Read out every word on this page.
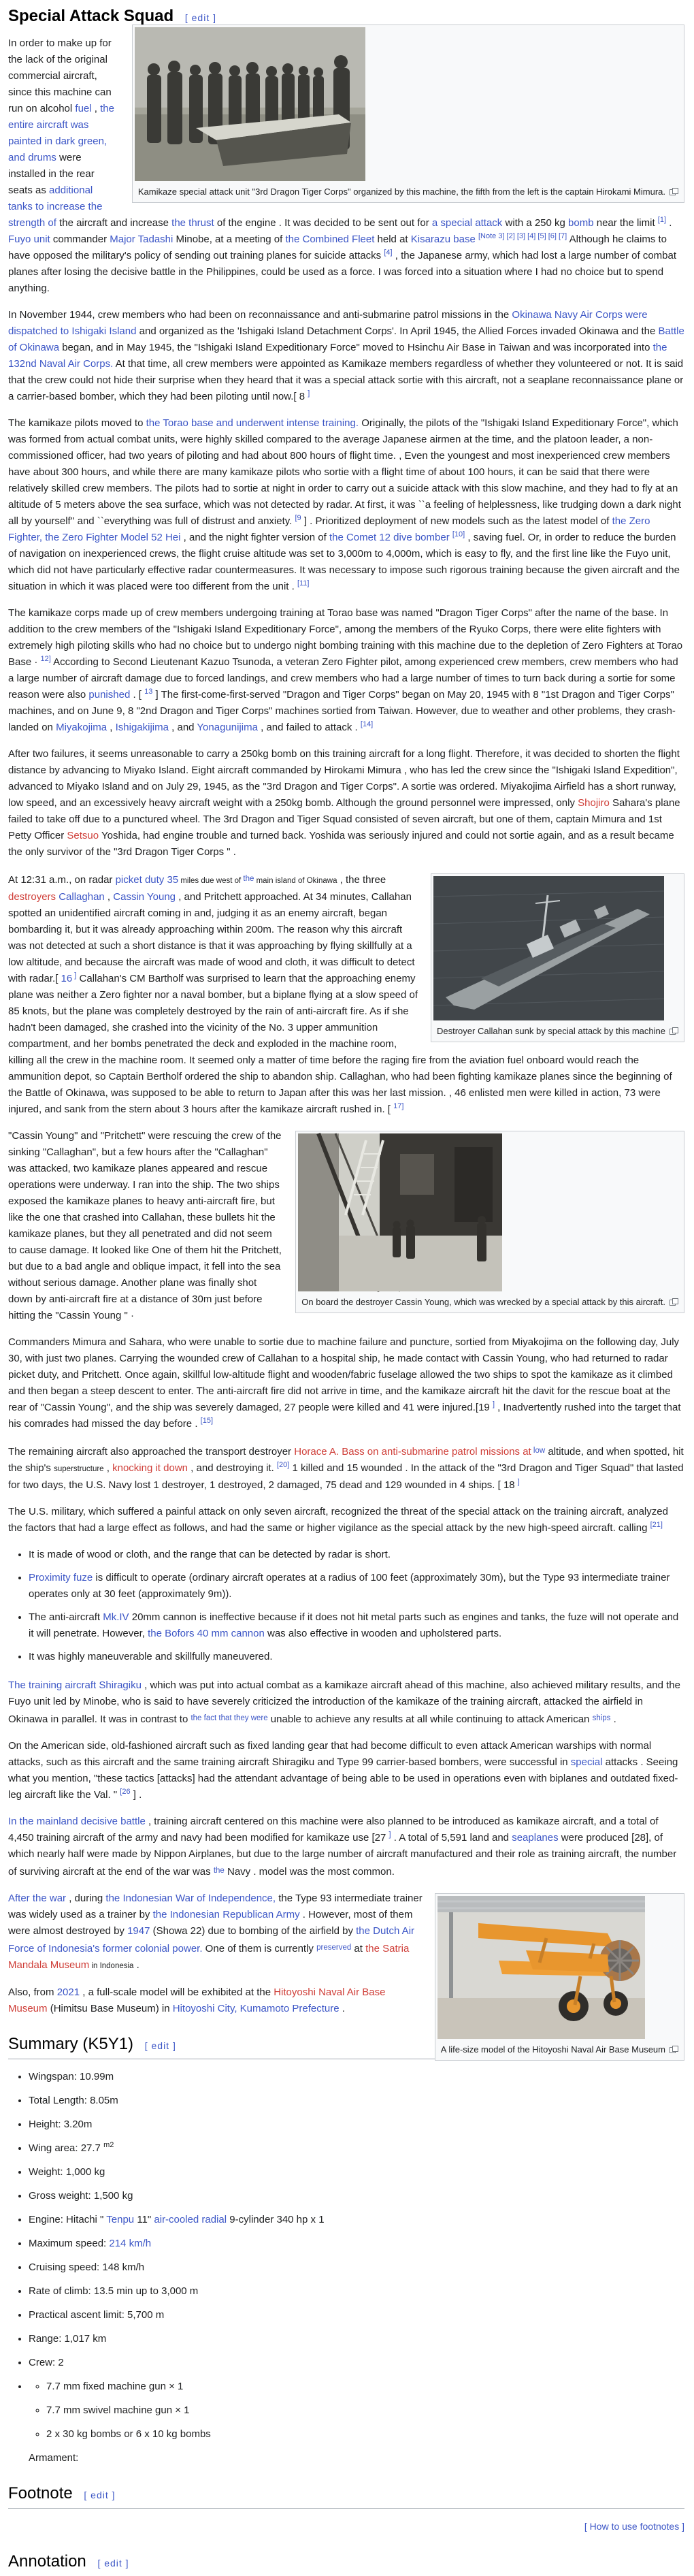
Special Attack Squad [ edit ]
Kamikaze special attack unit "3rd Dragon Tiger Corps" organized by this machine, the fifth from the left is the captain Hirokami Mimura.

In order to make up for the lack of the original commercial aircraft, since this machine can run on alcohol fuel , the entire aircraft was painted in dark green, and drums were installed in the rear seats as additional tanks to increase the strength of the aircraft and increase the thrust of the engine . It was decided to be sent out for a special attack with a 250 kg bomb near the limit [1] . Fuyo unit commander Major Tadashi Minobe, at a meeting of the Combined Fleet held at Kisarazu base [Note 3] [2] [3] [4] [5] [6] [7] Although he claims to have opposed the military's policy of sending out training planes for suicide attacks [4] , the Japanese army, which had lost a large number of combat planes after losing the decisive battle in the Philippines, could be used as a force. I was forced into a situation where I had no choice but to spend anything.

In November 1944, crew members who had been on reconnaissance and anti-submarine patrol missions in the Okinawa Navy Air Corps were dispatched to Ishigaki Island and organized as the 'Ishigaki Island Detachment Corps'. In April 1945, the Allied Forces invaded Okinawa and the Battle of Okinawa began, and in May 1945, the "Ishigaki Island Expeditionary Force" moved to Hsinchu Air Base in Taiwan and was incorporated into the 132nd Naval Air Corps. At that time, all crew members were appointed as Kamikaze members regardless of whether they volunteered or not. It is said that the crew could not hide their surprise when they heard that it was a special attack sortie with this aircraft, not a seaplane reconnaissance plane or a carrier-based bomber, which they had been piloting until now.[ 8 ]

The kamikaze pilots moved to the Torao base and underwent intense training. Originally, the pilots of the "Ishigaki Island Expeditionary Force", which was formed from actual combat units, were highly skilled compared to the average Japanese airmen at the time, and the platoon leader, a non-commissioned officer, had two years of piloting and had about 800 hours of flight time. , Even the youngest and most inexperienced crew members have about 300 hours, and while there are many kamikaze pilots who sortie with a flight time of about 100 hours, it can be said that there were relatively skilled crew members. The pilots had to sortie at night in order to carry out a suicide attack with this slow machine, and they had to fly at an altitude of 5 meters above the sea surface, which was not detected by radar. At first, it was ``a feeling of helplessness, like trudging down a dark night all by yourself'' and ``everything was full of distrust and anxiety. $^{[9}$ ] . Prioritized deployment of new models such as the latest model of the Zero Fighter, the Zero Fighter Model 52 Hei , and the night fighter version of the Comet 12 dive bomber [10] , saving fuel. Or, in order to reduce the burden of navigation on inexperienced crews, the flight cruise altitude was set to 3,000m to 4,000m, which is easy to fly, and the first line like the Fuyo unit, which did not have particularly effective radar countermeasures. It was necessary to impose such rigorous training because the given aircraft and the situation in which it was placed were too different from the unit . [11]

The kamikaze corps made up of crew members undergoing training at Torao base was named "Dragon Tiger Corps" after the name of the base. In addition to the crew members of the "Ishigaki Island Expeditionary Force", among the members of the Ryuko Corps, there were elite fighters with extremely high piloting skills who had no choice but to undergo night bombing training with this machine due to the depletion of Zero Fighters at Torao Base · $^{12]}$ According to Second Lieutenant Kazuo Tsunoda, a veteran Zero Fighter pilot, among experienced crew members, crew members who had a large number of aircraft damage due to forced landings, and crew members who had a large number of times to turn back during a sortie for some reason were also punished . [ $^{13}$ ] The first-come-first-served "Dragon and Tiger Corps" began on May 20, 1945 with 8 "1st Dragon and Tiger Corps" machines, and on June 9, 8 "2nd Dragon and Tiger Corps" machines sortied from Taiwan. However, due to weather and other problems, they crash-landed on Miyakojima , Ishigakijima , and Yonagunijima , and failed to attack . [14]

After two failures, it seems unreasonable to carry a 250kg bomb on this training aircraft for a long flight. Therefore, it was decided to shorten the flight distance by advancing to Miyako Island. Eight aircraft commanded by Hirokami Mimura , who has led the crew since the "Ishigaki Island Expedition", advanced to Miyako Island and on July 29, 1945, as the "3rd Dragon and Tiger Corps". A sortie was ordered. Miyakojima Airfield has a short runway, low speed, and an excessively heavy aircraft weight with a 250kg bomb. Although the ground personnel were impressed, only Shojiro Sahara's plane failed to take off due to a punctured wheel. The 3rd Dragon and Tiger Squad consisted of seven aircraft, but one of them, captain Mimura and 1st Petty Officer Setsuo Yoshida, had engine trouble and turned back. Yoshida was seriously injured and could not sortie again, and as a result became the only survivor of the "3rd Dragon Tiger Corps " .

Destroyer Callahan sunk by special attack by this machine

At 12:31 a.m., on radar picket duty 35 miles due west of $^{the}$ main island of Okinawa , the three destroyers Callaghan , Cassin Young , and Pritchett approached. At 34 minutes, Callahan spotted an unidentified aircraft coming in and, judging it as an enemy aircraft, began bombarding it, but it was already approaching within 200m. The reason why this aircraft was not detected at such a short distance is that it was approaching by flying skillfully at a low altitude, and because the aircraft was made of wood and cloth, it was difficult to detect with radar.[ 16 ] Callahan's CM Bartholf was surprised to learn that the approaching enemy plane was neither a Zero fighter nor a naval bomber, but a biplane flying at a slow speed of 85 knots, but the plane was completely destroyed by the rain of anti-aircraft fire. As if she hadn't been damaged, she crashed into the vicinity of the No. 3 upper ammunition compartment, and her bombs penetrated the deck and exploded in the machine room, killing all the crew in the machine room. It seemed only a matter of time before the raging fire from the aviation fuel onboard would reach the ammunition depot, so Captain Bertholf ordered the ship to abandon ship. Callaghan, who had been fighting kamikaze planes since the beginning of the Battle of Okinawa, was supposed to be able to return to Japan after this was her last mission. , 46 enlisted men were killed in action, 73 were injured, and sank from the stern about 3 hours after the kamikaze aircraft rushed in. [ $^{17]}$

On board the destroyer Cassin Young, which was wrecked by a special attack by this aircraft.

"Cassin Young" and "Pritchett" were rescuing the crew of the sinking "Callaghan", but a few hours after the "Callaghan" was attacked, two kamikaze planes appeared and rescue operations were underway. I ran into the ship. The two ships exposed the kamikaze planes to heavy anti-aircraft fire, but like the one that crashed into Callahan, these bullets hit the kamikaze planes, but they all penetrated and did not seem to cause damage. It looked like One of them hit the Pritchett, but due to a bad angle and oblique impact, it fell into the sea without serious damage. Another plane was finally shot down by anti-aircraft fire at a distance of 30m just before hitting the "Cassin Young " ·

Commanders Mimura and Sahara, who were unable to sortie due to machine failure and puncture, sortied from Miyakojima on the following day, July 30, with just two planes. Carrying the wounded crew of Callahan to a hospital ship, he made contact with Cassin Young, who had returned to radar picket duty, and Pritchett. Once again, skillful low-altitude flight and wooden/fabric fuselage allowed the two ships to spot the kamikaze as it climbed and then began a steep descent to enter. The anti-aircraft fire did not arrive in time, and the kamikaze aircraft hit the davit for the rescue boat at the rear of "Cassin Young", and the ship was severely damaged, 27 people were killed and 41 were injured.[19 ] , Inadvertently rushed into the target that his comrades had missed the day before . [15]

The remaining aircraft also approached the transport destroyer Horace A. Bass on anti-submarine patrol missions at $^{low}$ altitude, and when spotted, hit the ship's superstructure , knocking it down , and destroying it. [20] 1 killed and 15 wounded . In the attack of the "3rd Dragon and Tiger Squad" that lasted for two days, the U.S. Navy lost 1 destroyer, 1 destroyed, 2 damaged, 75 dead and 129 wounded in 4 ships. [ 18 ]

The U.S. military, which suffered a painful attack on only seven aircraft, recognized the threat of the special attack on the training aircraft, analyzed the factors that had a large effect as follows, and had the same or higher vigilance as the special attack by the new high-speed aircraft. calling [21]

• It is made of wood or cloth, and the range that can be detected by radar is short.
• Proximity fuze is difficult to operate (ordinary aircraft operates at a radius of 100 feet (approximately 30m), but the Type 93 intermediate trainer operates only at 30 feet (approximately 9m)).
• The anti-aircraft Mk.IV 20mm cannon is ineffective because if it does not hit metal parts such as engines and tanks, the fuze will not operate and it will penetrate. However, the Bofors 40 mm cannon was also effective in wooden and upholstered parts.
• It was highly maneuverable and skillfully maneuvered.

The training aircraft Shiragiku , which was put into actual combat as a kamikaze aircraft ahead of this machine, also achieved military results, and the Fuyo unit led by Minobe, who is said to have severely criticized the introduction of the kamikaze of the training aircraft, attacked the airfield in Okinawa in parallel. It was in contrast to $^{the fact that they were}$ unable to achieve any results at all while continuing to attack American $^{ships}$ .

On the American side, old-fashioned aircraft such as fixed landing gear that had become difficult to even attack American warships with normal attacks, such as this aircraft and the same training aircraft Shiragiku and Type 99 carrier-based bombers, were successful in special attacks . Seeing what you mention, "these tactics [attacks] had the attendant advantage of being able to be used in operations even with biplanes and outdated fixed-leg aircraft like the Val. " $^{[26}$ ] .

In the mainland decisive battle , training aircraft centered on this machine were also planned to be introduced as kamikaze aircraft, and a total of 4,450 training aircraft of the army and navy had been modified for kamikaze use [27 ] . A total of 5,591 land and seaplanes were produced [28], of which nearly half were made by Nippon Airplanes, but due to the large number of aircraft manufactured and their role as training aircraft, the number of surviving aircraft at the end of the war was $^{the}$ Navy . model was the most common.

A life-size model of the Hitoyoshi Naval Air Base Museum

After the war , during the Indonesian War of Independence, the Type 93 intermediate trainer was widely used as a trainer by the Indonesian Republican Army . However, most of them were almost destroyed by 1947 (Showa 22) due to bombing of the airfield by the Dutch Air Force of Indonesia's former colonial power. One of them is currently $^{preserved}$ at the Satria Mandala Museum in Indonesia .

Also, from 2021 , a full-scale model will be exhibited at the Hitoyoshi Naval Air Base Museum (Himitsu Base Museum) in Hitoyoshi City, Kumamoto Prefecture .

Summary (K5Y1) [ edit ]
• Wingspan: 10.99m
• Total Length: 8.05m
• Height: 3.20m
• Wing area: 27.7 $^{m2}$
• Weight: 1,000 kg
• Gross weight: 1,500 kg
• Engine: Hitachi " Tenpu 11" air-cooled radial 9-cylinder 340 hp x 1
• Maximum speed: 214 km/h
• Cruising speed: 148 km/h
• Rate of climb: 13.5 min up to 3,000 m
• Practical ascent limit: 5,700 m
• Range: 1,017 km
• Crew: 2
◦ • 7.7 mm fixed machine gun × 1
◦ 7.7 mm swivel machine gun × 1
◦ 2 x 30 kg bombs or 6 x 10 kg bombs
Armament:
Footnote [ edit ]
[ How to use footnotes ]
Annotation [ edit ]
